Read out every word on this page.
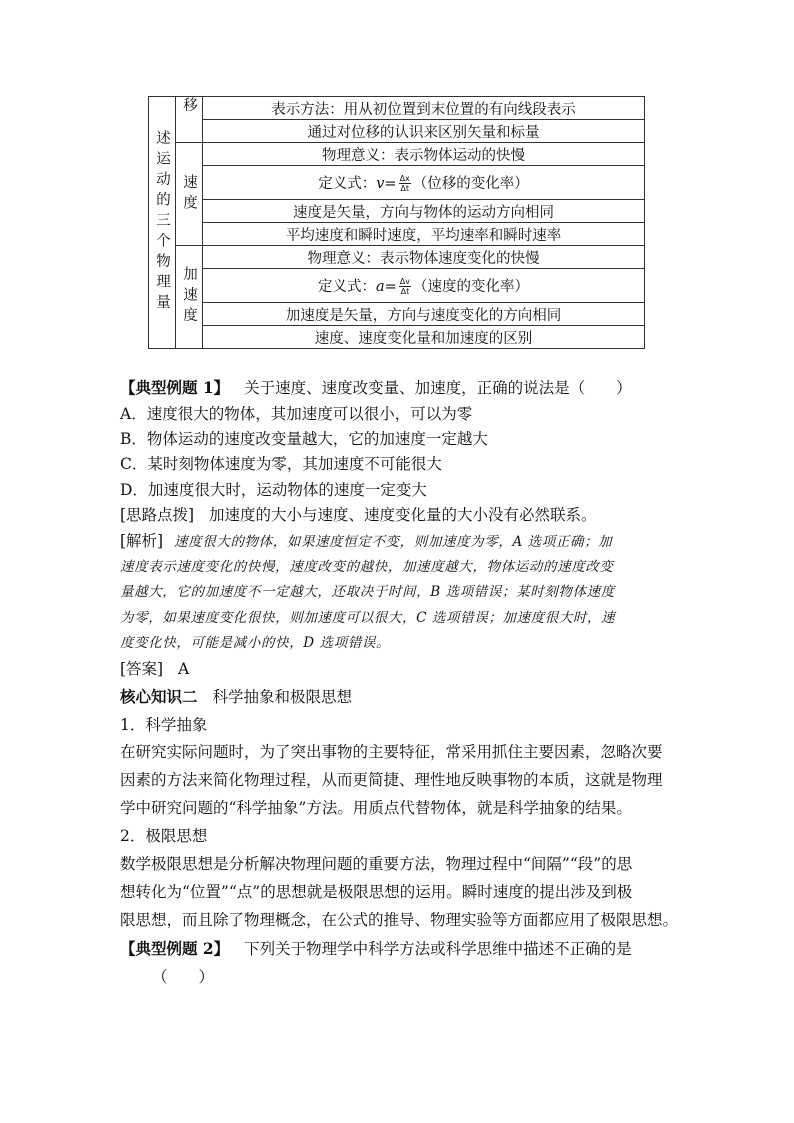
述运动的三个物理量	移	表示方法：用从初位置到末位置的有向线段表示
		通过对位移的认识来区别矢量和标量

	速度	物理意义：表示物体运动的快慢
		定义式：$v= \frac{\Delta x}{\Delta t}$ （位移的变化率）
		速度是矢量，方向与物体的运动方向相同
		平均速度和瞬时速度，平均速率和瞬时速率

	加速度	物理意义：表示物体速度变化的快慢
		定义式：$a= \frac{\Delta v}{\Delta t}$ （速度的变化率）
		加速度是矢量，方向与速度变化的方向相同
		速度、速度变化量和加速度的区别
【典型例题 1】 关于速度、速度改变量、加速度，正确的说法是（　　）
A．速度很大的物体，其加速度可以很小，可以为零
B．物体运动的速度改变量越大，它的加速度一定越大
C．某时刻物体速度为零，其加速度不可能很大
D．加速度很大时，运动物体的速度一定变大
[思路点拨] 加速度的大小与速度、速度变化量的大小没有必然联系。
[解析] 速度很大的物体，如果速度恒定不变，则加速度为零，A 选项正确；加
速度表示速度变化的快慢，速度改变的越快，加速度越大，物体运动的速度改变
量越大，它的加速度不一定越大，还取决于时间，B 选项错误；某时刻物体速度
为零，如果速度变化很快，则加速度可以很大，C 选项错误；加速度很大时，速
度变化快，可能是减小的快，D 选项错误。
[答案] A
核心知识二 科学抽象和极限思想
1．科学抽象
在研究实际问题时，为了突出事物的主要特征，常采用抓住主要因素，忽略次要
因素的方法来简化物理过程，从而更简捷、理性地反映事物的本质，这就是物理
学中研究问题的“科学抽象”方法。用质点代替物体，就是科学抽象的结果。
2．极限思想
数学极限思想是分析解决物理问题的重要方法，物理过程中“间隔”“段”的思
想转化为“位置”“点”的思想就是极限思想的运用。瞬时速度的提出涉及到极
限思想，而且除了物理概念，在公式的推导、物理实验等方面都应用了极限思想。
【典型例题 2】 下列关于物理学中科学方法或科学思维中描述不正确的是
（　　）
